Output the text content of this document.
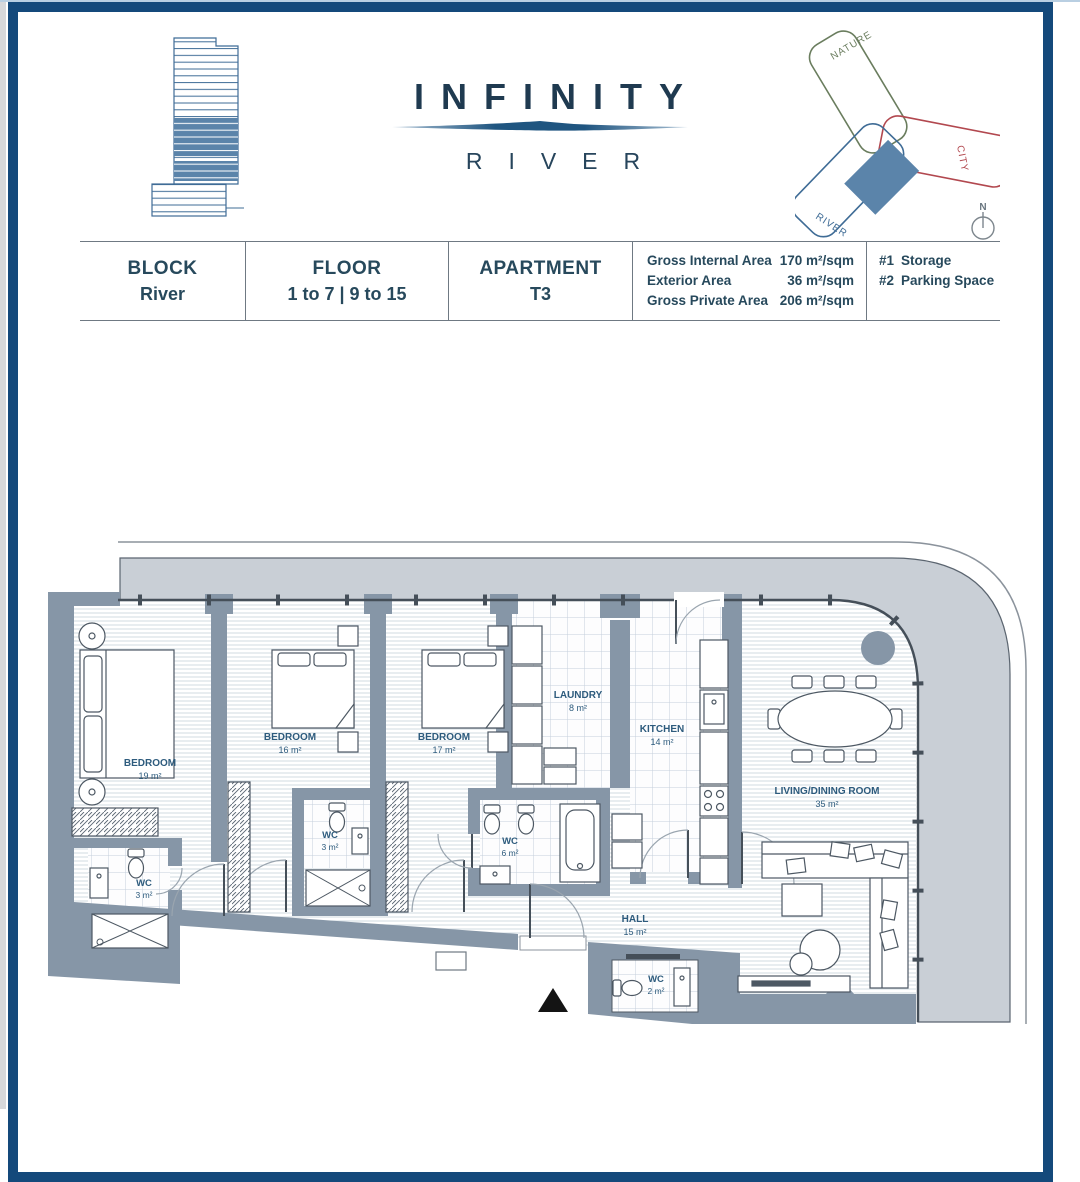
INFINITY
RIVER
NATURE
CITY
RIVER
N
BLOCK
River
FLOOR
1 to 7 | 9 to 15
APARTMENT
T3
Gross Internal Area 170 m²/sqm
Exterior Area	36 m²/sqm
Gross Private Area 206 m²/sqm
#1 Storage
#2 Parking Space
BEDROOM
19 m²
BEDROOM
16 m²
BEDROOM
17 m²
LAUNDRY
8 m²
KITCHEN
14 m²
LIVING/DINING ROOM
35 m²
HALL
15 m²
WC
3 m²
WC
3 m²	WC
6 m²
WC
2 m²
